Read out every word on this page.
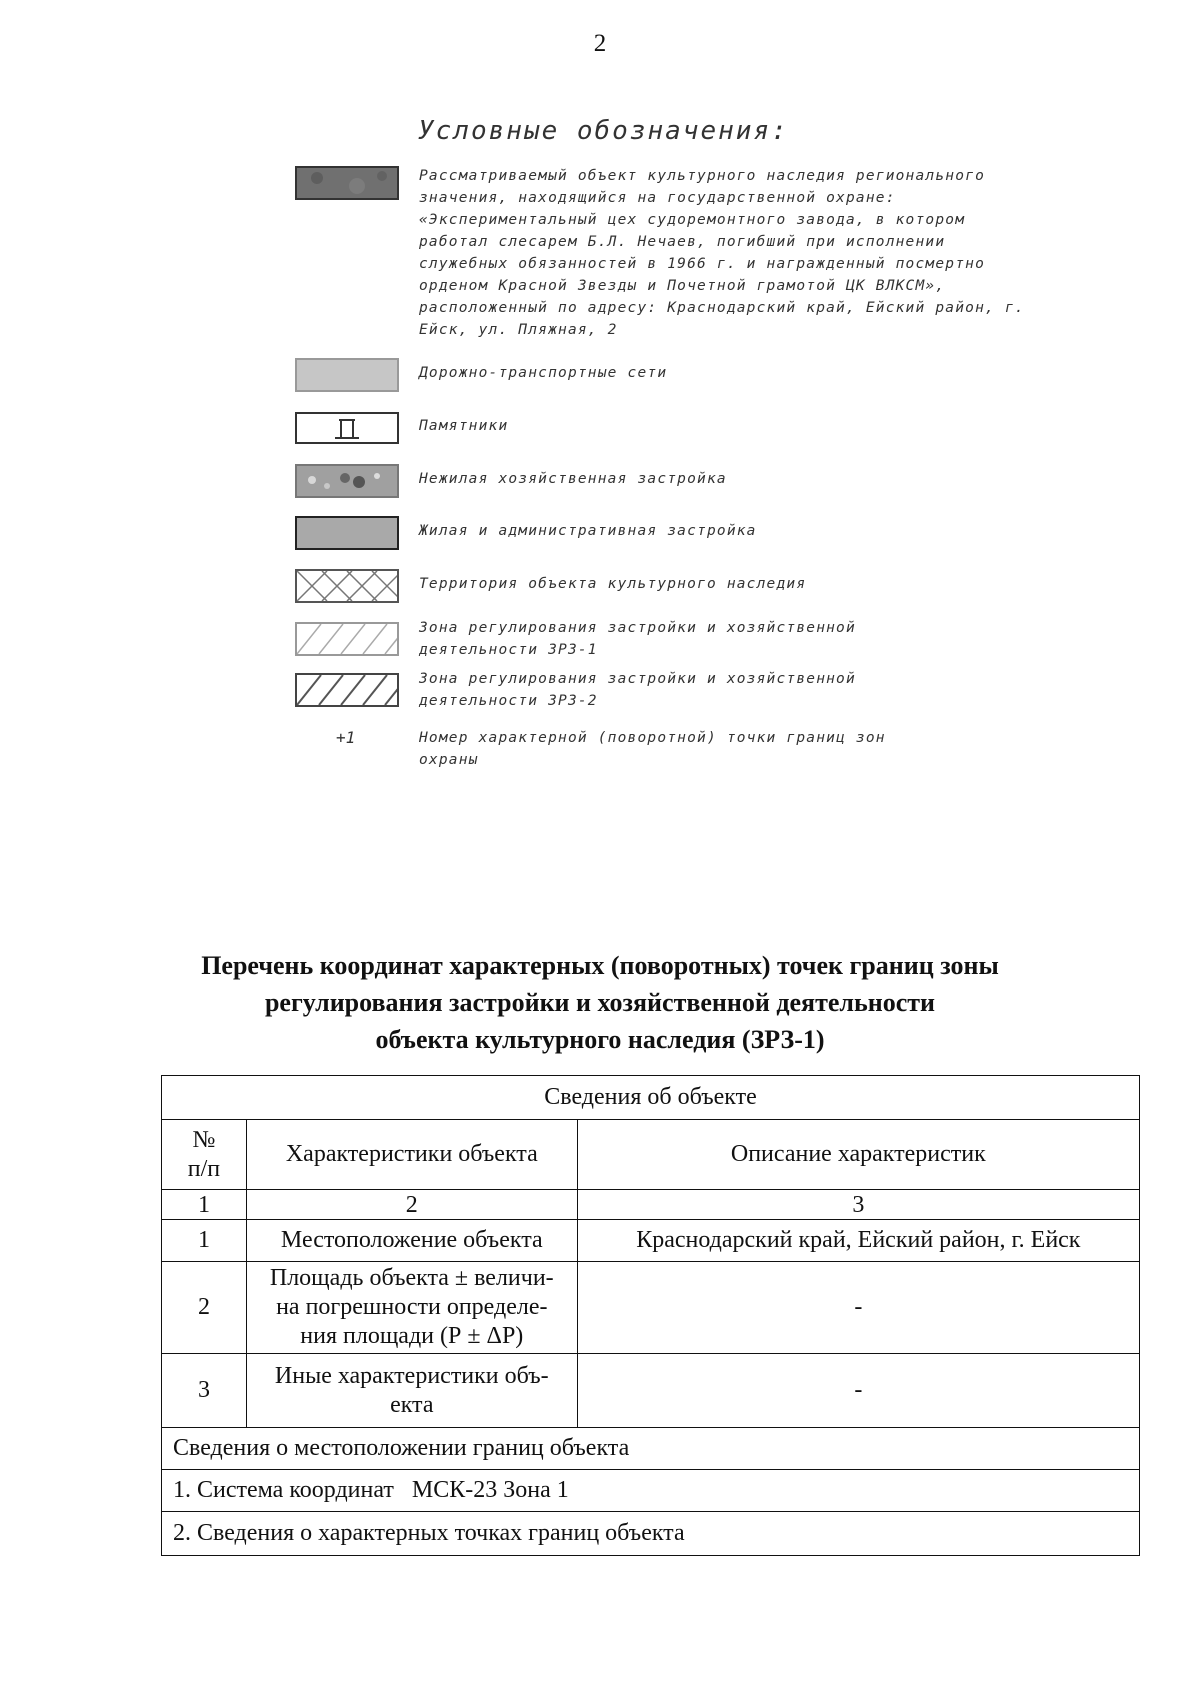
2
Условные обозначения:
Рассматриваемый объект культурного наследия регионального
значения, находящийся на государственной охране:
«Экспериментальный цех судоремонтного завода, в котором
работал слесарем Б.Л. Нечаев, погибший при исполнении
служебных обязанностей в 1966 г. и награжденный посмертно
орденом Красной Звезды и Почетной грамотой ЦК ВЛКСМ»,
расположенный по адресу: Краснодарский край, Ейский район, г.
Ейск, ул. Пляжная, 2
Дорожно-транспортные сети
Памятники
Нежилая хозяйственная застройка
Жилая и административная застройка
Территория объекта культурного наследия
Зона регулирования застройки и хозяйственной
деятельности ЗРЗ-1
Зона регулирования застройки и хозяйственной
деятельности ЗРЗ-2
+1	Номер характерной (поворотной) точки границ зон
охраны
Перечень координат характерных (поворотных) точек границ зоны
регулирования застройки и хозяйственной деятельности
объекта культурного наследия (ЗРЗ-1)
Сведения об объекте		
№
п/п	Характеристики объекта	Описание характеристик
1	2	3
1	Местоположение объекта	Краснодарский край, Ейский район, г. Ейск
2	Площадь объекта ± величи-
на погрешности определе-
ния площади (Р ± ΔР)	-
3	Иные характеристики объ-
екта	-
Сведения о местоположении границ объекта		
1. Система координат   МСК-23 Зона 1		
2. Сведения о характерных точках границ объекта		
